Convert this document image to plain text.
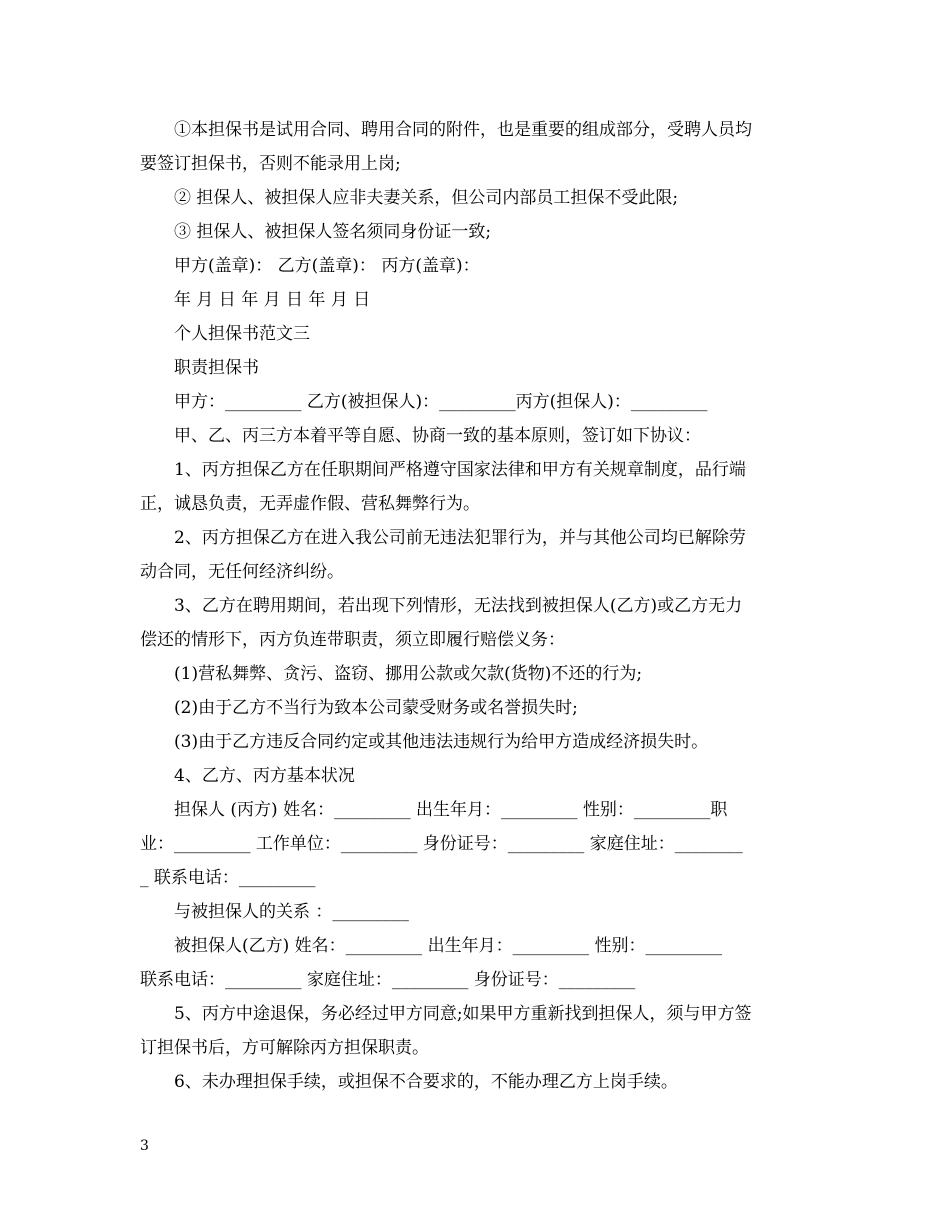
①本担保书是试用合同、聘用合同的附件，也是重要的组成部分，受聘人员均
要签订担保书，否则不能录用上岗;
② 担保人、被担保人应非夫妻关系，但公司内部员工担保不受此限;
③ 担保人、被担保人签名须同身份证一致;
甲方(盖章)： 乙方(盖章)： 丙方(盖章)：
年 月 日 年 月 日 年 月 日
个人担保书范文三
职责担保书
甲方：_________ 乙方(被担保人)：_________丙方(担保人)：_________
甲、乙、丙三方本着平等自愿、协商一致的基本原则，签订如下协议：
1、丙方担保乙方在任职期间严格遵守国家法律和甲方有关规章制度，品行端
正，诚恳负责，无弄虚作假、营私舞弊行为。
2、丙方担保乙方在进入我公司前无违法犯罪行为，并与其他公司均已解除劳
动合同，无任何经济纠纷。
3、乙方在聘用期间，若出现下列情形，无法找到被担保人(乙方)或乙方无力
偿还的情形下，丙方负连带职责，须立即履行赔偿义务：
(1)营私舞弊、贪污、盗窃、挪用公款或欠款(货物)不还的行为;
(2)由于乙方不当行为致本公司蒙受财务或名誉损失时;
(3)由于乙方违反合同约定或其他违法违规行为给甲方造成经济损失时。
4、乙方、丙方基本状况
担保人 (丙方) 姓名：_________ 出生年月：_________ 性别：_________职
业：_________ 工作单位：_________ 身份证号：_________ 家庭住址：________
_ 联系电话：_________
与被担保人的关系 ：_________
被担保人(乙方) 姓名：_________ 出生年月：_________ 性别：_________
联系电话：_________ 家庭住址：_________ 身份证号：_________
5、丙方中途退保，务必经过甲方同意;如果甲方重新找到担保人，须与甲方签
订担保书后，方可解除丙方担保职责。
6、未办理担保手续，或担保不合要求的，不能办理乙方上岗手续。
3
